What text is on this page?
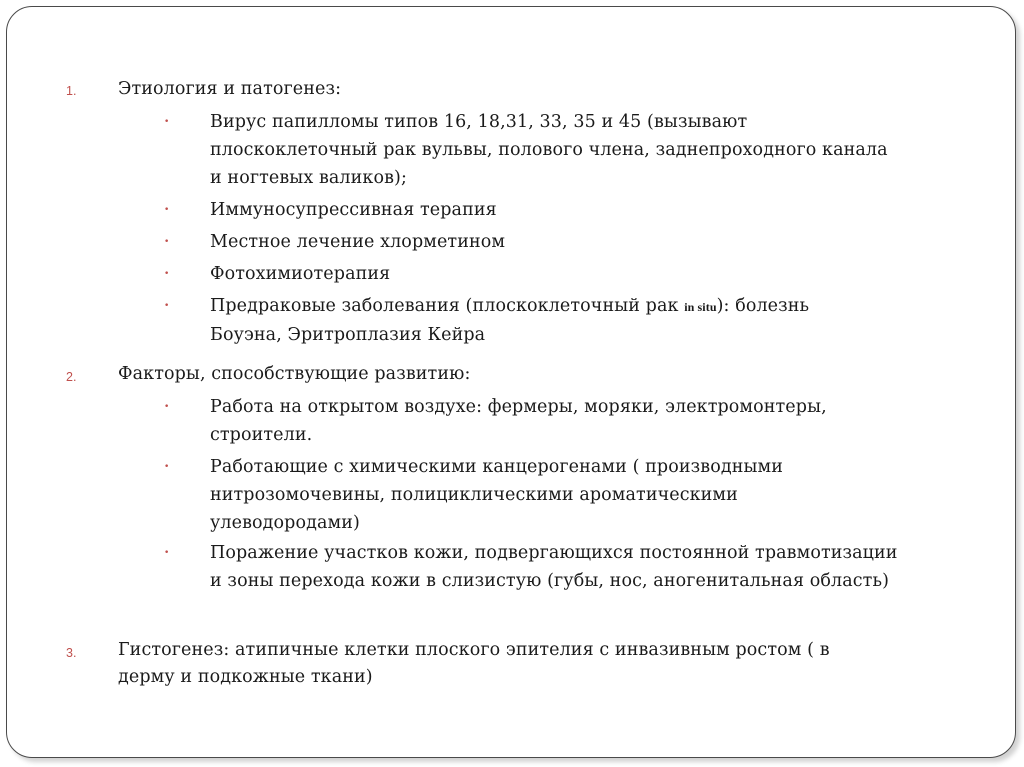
1. Этиология и патогенез:
• Вирус папилломы типов 16, 18,31, 33, 35 и 45 (вызывают
плоскоклеточный рак вульвы, полового члена, заднепроходного канала
и ногтевых валиков);
• Иммуносупрессивная терапия
• Местное лечение хлорметином
• Фотохимиотерапия
• Предраковые заболевания (плоскоклеточный рак in situ): болезнь
Боуэна, Эритроплазия Кейра
2. Факторы, способствующие развитию:
• Работа на открытом воздухе: фермеры, моряки, электромонтеры,
строители.
• Работающие с химическими канцерогенами ( производными
нитрозомочевины, полициклическими ароматическими
улеводородами)
• Поражение участков кожи, подвергающихся постоянной травмотизации
и зоны перехода кожи в слизистую (губы, нос, аногенитальная область)
3. Гистогенез: атипичные клетки плоского эпителия с инвазивным ростом ( в
дерму и подкожные ткани)
